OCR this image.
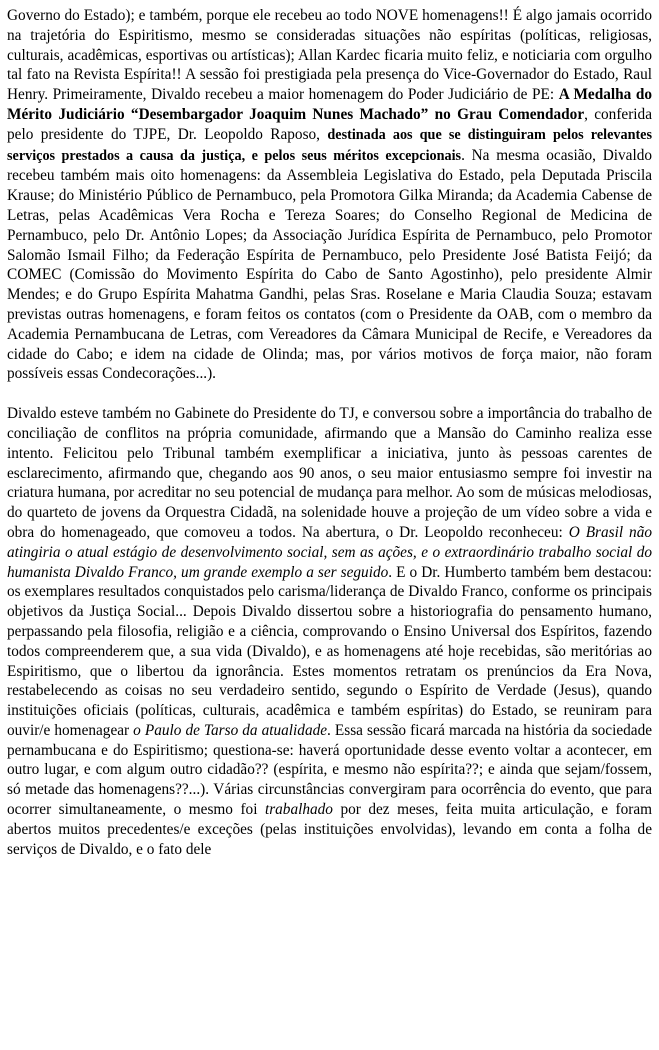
Governo do Estado); e também, porque ele recebeu ao todo NOVE homenagens!! É algo jamais ocorrido na trajetória do Espiritismo, mesmo se consideradas situações não espíritas (políticas, religiosas, culturais, acadêmicas, esportivas ou artísticas); Allan Kardec ficaria muito feliz, e noticiaria com orgulho tal fato na Revista Espírita!! A sessão foi prestigiada pela presença do Vice-Governador do Estado, Raul Henry. Primeiramente, Divaldo recebeu a maior homenagem do Poder Judiciário de PE: A Medalha do Mérito Judiciário “Desembargador Joaquim Nunes Machado” no Grau Comendador, conferida pelo presidente do TJPE, Dr. Leopoldo Raposo, destinada aos que se distinguiram pelos relevantes serviços prestados a causa da justiça, e pelos seus méritos excepcionais. Na mesma ocasião, Divaldo recebeu também mais oito homenagens: da Assembleia Legislativa do Estado, pela Deputada Priscila Krause; do Ministério Público de Pernambuco, pela Promotora Gilka Miranda; da Academia Cabense de Letras, pelas Acadêmicas Vera Rocha e Tereza Soares; do Conselho Regional de Medicina de Pernambuco, pelo Dr. Antônio Lopes; da Associação Jurídica Espírita de Pernambuco, pelo Promotor Salomão Ismail Filho; da Federação Espírita de Pernambuco, pelo Presidente José Batista Feijó; da COMEC (Comissão do Movimento Espírita do Cabo de Santo Agostinho), pelo presidente Almir Mendes; e do Grupo Espírita Mahatma Gandhi, pelas Sras. Roselane e Maria Claudia Souza; estavam previstas outras homenagens, e foram feitos os contatos (com o Presidente da OAB, com o membro da Academia Pernambucana de Letras, com Vereadores da Câmara Municipal de Recife, e Vereadores da cidade do Cabo; e idem na cidade de Olinda; mas, por vários motivos de força maior, não foram possíveis essas Condecorações...).

Divaldo esteve também no Gabinete do Presidente do TJ, e conversou sobre a importância do trabalho de conciliação de conflitos na própria comunidade, afirmando que a Mansão do Caminho realiza esse intento. Felicitou pelo Tribunal também exemplificar a iniciativa, junto às pessoas carentes de esclarecimento, afirmando que, chegando aos 90 anos, o seu maior entusiasmo sempre foi investir na criatura humana, por acreditar no seu potencial de mudança para melhor. Ao som de músicas melodiosas, do quarteto de jovens da Orquestra Cidadã, na solenidade houve a projeção de um vídeo sobre a vida e obra do homenageado, que comoveu a todos. Na abertura, o Dr. Leopoldo reconheceu: O Brasil não atingiria o atual estágio de desenvolvimento social, sem as ações, e o extraordinário trabalho social do humanista Divaldo Franco, um grande exemplo a ser seguido. E o Dr. Humberto também bem destacou: os exemplares resultados conquistados pelo carisma/liderança de Divaldo Franco, conforme os principais objetivos da Justiça Social... Depois Divaldo dissertou sobre a historiografia do pensamento humano, perpassando pela filosofia, religião e a ciência, comprovando o Ensino Universal dos Espíritos, fazendo todos compreenderem que, a sua vida (Divaldo), e as homenagens até hoje recebidas, são meritórias ao Espiritismo, que o libertou da ignorância. Estes momentos retratam os prenúncios da Era Nova, restabelecendo as coisas no seu verdadeiro sentido, segundo o Espírito de Verdade (Jesus), quando instituições oficiais (políticas, culturais, acadêmica e também espíritas) do Estado, se reuniram para ouvir/e homenagear o Paulo de Tarso da atualidade. Essa sessão ficará marcada na história da sociedade pernambucana e do Espiritismo; questiona-se: haverá oportunidade desse evento voltar a acontecer, em outro lugar, e com algum outro cidadão?? (espírita, e mesmo não espírita??; e ainda que sejam/fossem, só metade das homenagens??...). Várias circunstâncias convergiram para ocorrência do evento, que para ocorrer simultaneamente, o mesmo foi trabalhado por dez meses, feita muita articulação, e foram abertos muitos precedentes/e exceções (pelas instituições envolvidas), levando em conta a folha de serviços de Divaldo, e o fato dele
